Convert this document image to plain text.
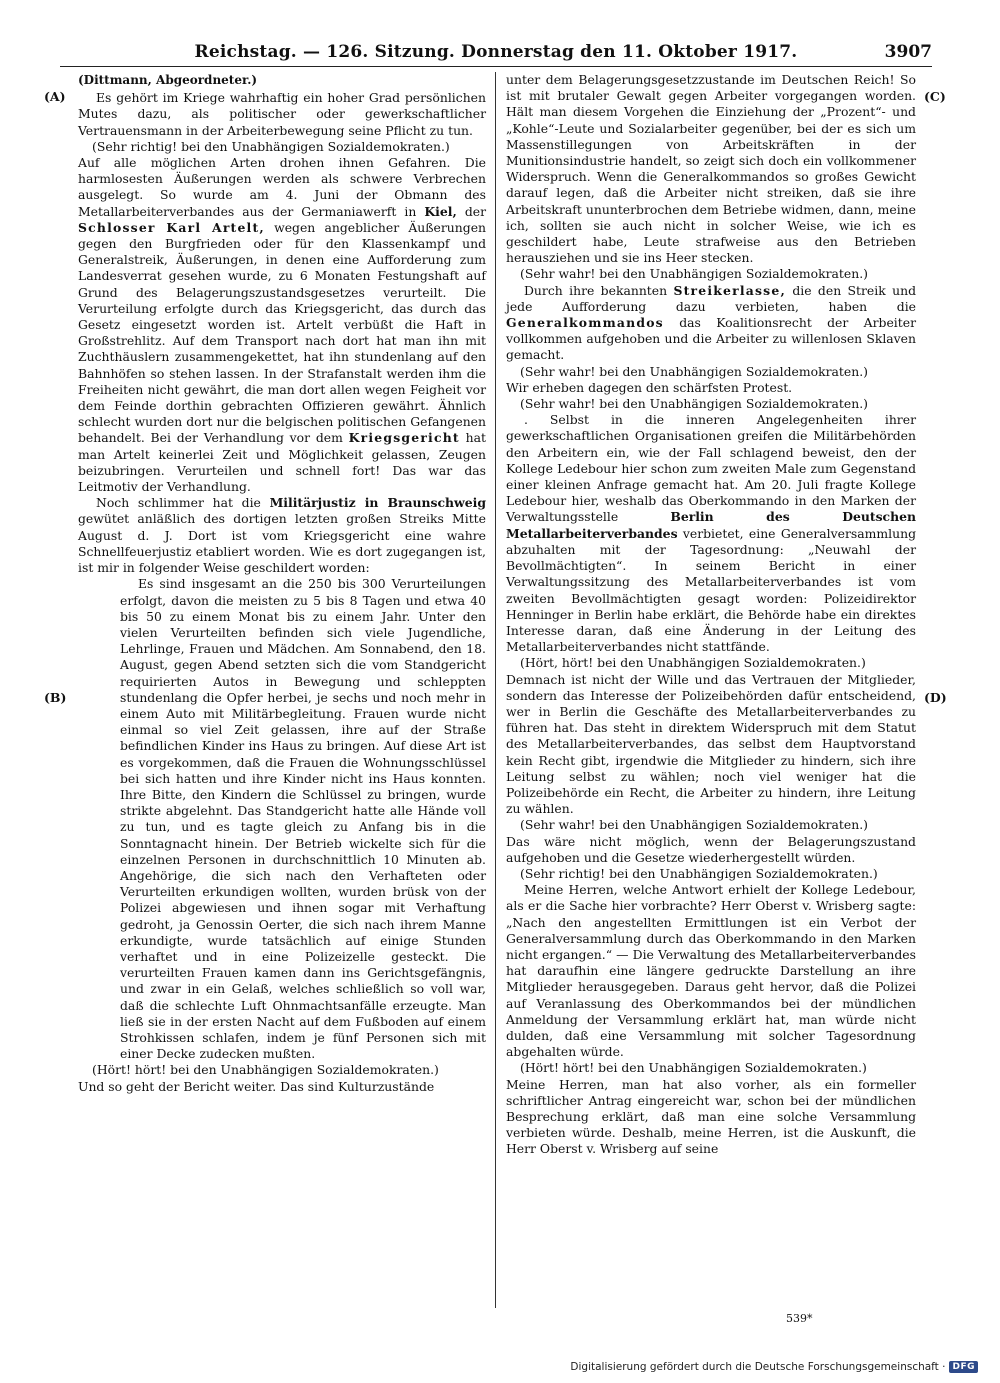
Reichstag. — 126. Sitzung. Donnerstag den 11. Oktober 1917.	3907
(A)
(B)
(C)
(D)
(Dittmann, Abgeordneter.)

Es gehört im Kriege wahrhaftig ein hoher Grad persönlichen Mutes dazu, als politischer oder gewerkschaftlicher Vertrauensmann in der Arbeiterbewegung seine Pflicht zu tun.

(Sehr richtig! bei den Unabhängigen Sozialdemokraten.)

Auf alle möglichen Arten drohen ihnen Gefahren. Die harmlosesten Äußerungen werden als schwere Verbrechen ausgelegt. So wurde am 4. Juni der Obmann des Metallarbeiterverbandes aus der Germaniawerft in Kiel, der Schlosser Karl Artelt, wegen angeblicher Äußerungen gegen den Burgfrieden oder für den Klassenkampf und Generalstreik, Äußerungen, in denen eine Aufforderung zum Landesverrat gesehen wurde, zu 6 Monaten Festungshaft auf Grund des Belagerungszustandsgesetzes verurteilt. Die Verurteilung erfolgte durch das Kriegsgericht, das durch das Gesetz eingesetzt worden ist. Artelt verbüßt die Haft in Großstrehlitz. Auf dem Transport nach dort hat man ihn mit Zuchthäuslern zusammengekettet, hat ihn stundenlang auf den Bahnhöfen so stehen lassen. In der Strafanstalt werden ihm die Freiheiten nicht gewährt, die man dort allen wegen Feigheit vor dem Feinde dorthin gebrachten Offizieren gewährt. Ähnlich schlecht wurden dort nur die belgischen politischen Gefangenen behandelt. Bei der Verhandlung vor dem Kriegsgericht hat man Artelt keinerlei Zeit und Möglichkeit gelassen, Zeugen beizubringen. Verurteilen und schnell fort! Das war das Leitmotiv der Verhandlung.

Noch schlimmer hat die Militärjustiz in Braunschweig gewütet anläßlich des dortigen letzten großen Streiks Mitte August d. J. Dort ist vom Kriegsgericht eine wahre Schnellfeuerjustiz etabliert worden. Wie es dort zugegangen ist, ist mir in folgender Weise geschildert worden:

Es sind insgesamt an die 250 bis 300 Verurteilungen erfolgt, davon die meisten zu 5 bis 8 Tagen und etwa 40 bis 50 zu einem Monat bis zu einem Jahr. Unter den vielen Verurteilten befinden sich viele Jugendliche, Lehrlinge, Frauen und Mädchen. Am Sonnabend, den 18. August, gegen Abend setzten sich die vom Standgericht requirierten Autos in Bewegung und schleppten stundenlang die Opfer herbei, je sechs und noch mehr in einem Auto mit Militärbegleitung. Frauen wurde nicht einmal so viel Zeit gelassen, ihre auf der Straße befindlichen Kinder ins Haus zu bringen. Auf diese Art ist es vorgekommen, daß die Frauen die Wohnungsschlüssel bei sich hatten und ihre Kinder nicht ins Haus konnten. Ihre Bitte, den Kindern die Schlüssel zu bringen, wurde strikte abgelehnt. Das Standgericht hatte alle Hände voll zu tun, und es tagte gleich zu Anfang bis in die Sonntagnacht hinein. Der Betrieb wickelte sich für die einzelnen Personen in durchschnittlich 10 Minuten ab. Angehörige, die sich nach den Verhafteten oder Verurteilten erkundigen wollten, wurden brüsk von der Polizei abgewiesen und ihnen sogar mit Verhaftung gedroht, ja Genossin Oerter, die sich nach ihrem Manne erkundigte, wurde tatsächlich auf einige Stunden verhaftet und in eine Polizeizelle gesteckt. Die verurteilten Frauen kamen dann ins Gerichtsgefängnis, und zwar in ein Gelaß, welches schließlich so voll war, daß die schlechte Luft Ohnmachtsanfälle erzeugte. Man ließ sie in der ersten Nacht auf dem Fußboden auf einem Strohkissen schlafen, indem je fünf Personen sich mit einer Decke zudecken mußten.

(Hört! hört! bei den Unabhängigen Sozialdemokraten.)

Und so geht der Bericht weiter. Das sind Kulturzustände

unter dem Belagerungsgesetzzustande im Deutschen Reich! So ist mit brutaler Gewalt gegen Arbeiter vorgegangen worden. Hält man diesem Vorgehen die Einziehung der „Prozent“- und „Kohle“-Leute und Sozialarbeiter gegenüber, bei der es sich um Massenstillegungen von Arbeitskräften in der Munitionsindustrie handelt, so zeigt sich doch ein vollkommener Widerspruch. Wenn die Generalkommandos so großes Gewicht darauf legen, daß die Arbeiter nicht streiken, daß sie ihre Arbeitskraft ununterbrochen dem Betriebe widmen, dann, meine ich, sollten sie auch nicht in solcher Weise, wie ich es geschildert habe, Leute strafweise aus den Betrieben herausziehen und sie ins Heer stecken.

(Sehr wahr! bei den Unabhängigen Sozialdemokraten.)

Durch ihre bekannten Streikerlasse, die den Streik und jede Aufforderung dazu verbieten, haben die Generalkommandos das Koalitionsrecht der Arbeiter vollkommen aufgehoben und die Arbeiter zu willenlosen Sklaven gemacht.

(Sehr wahr! bei den Unabhängigen Sozialdemokraten.)

Wir erheben dagegen den schärfsten Protest.

(Sehr wahr! bei den Unabhängigen Sozialdemokraten.)

. Selbst in die inneren Angelegenheiten ihrer gewerkschaftlichen Organisationen greifen die Militärbehörden den Arbeitern ein, wie der Fall schlagend beweist, den der Kollege Ledebour hier schon zum zweiten Male zum Gegenstand einer kleinen Anfrage gemacht hat. Am 20. Juli fragte Kollege Ledebour hier, weshalb das Oberkommando in den Marken der Verwaltungsstelle	Berlin des Deutschen Metallarbeiterverbandes verbietet, eine Generalversammlung abzuhalten mit der Tagesordnung: „Neuwahl der Bevollmächtigten“. In seinem Bericht in einer Verwaltungssitzung des Metallarbeiterverbandes ist vom zweiten Bevollmächtigten gesagt worden: Polizeidirektor Henninger in Berlin habe erklärt, die Behörde habe ein direktes Interesse daran, daß eine Änderung in der Leitung des Metallarbeiterverbandes nicht stattfände.

(Hört, hört! bei den Unabhängigen Sozialdemokraten.)

Demnach ist nicht der Wille und das Vertrauen der Mitglieder, sondern das Interesse der Polizeibehörden dafür entscheidend, wer in Berlin die Geschäfte des Metallarbeiterverbandes zu führen hat. Das steht in direktem Widerspruch mit dem Statut des Metallarbeiterverbandes, das selbst dem Hauptvorstand kein Recht gibt, irgendwie die Mitglieder zu hindern, sich ihre Leitung selbst zu wählen; noch viel weniger hat die Polizeibehörde ein Recht, die Arbeiter zu hindern, ihre Leitung zu wählen.

(Sehr wahr! bei den Unabhängigen Sozialdemokraten.)

Das wäre nicht möglich, wenn der Belagerungszustand aufgehoben und die Gesetze wiederhergestellt würden.

(Sehr richtig! bei den Unabhängigen Sozialdemokraten.)

Meine Herren, welche Antwort erhielt der Kollege Ledebour, als er die Sache hier vorbrachte? Herr Oberst v. Wrisberg sagte: „Nach den angestellten Ermittlungen ist ein Verbot der Generalversammlung durch das Oberkommando in den Marken nicht ergangen.“ — Die Verwaltung des Metallarbeiterverbandes hat daraufhin eine längere gedruckte Darstellung an ihre Mitglieder herausgegeben. Daraus geht hervor, daß die Polizei auf Veranlassung des Oberkommandos bei der mündlichen Anmeldung der Versammlung erklärt hat, man würde nicht dulden, daß eine Versammlung mit solcher Tagesordnung abgehalten würde.

(Hört! hört! bei den Unabhängigen Sozialdemokraten.)

Meine Herren, man hat also vorher, als ein formeller schriftlicher Antrag eingereicht war, schon bei der mündlichen Besprechung erklärt, daß man eine solche Versammlung verbieten würde. Deshalb, meine Herren, ist die Auskunft, die Herr Oberst v. Wrisberg auf seine

539*
Digitalisierung gefördert durch die Deutsche Forschungsgemeinschaft · DFG
